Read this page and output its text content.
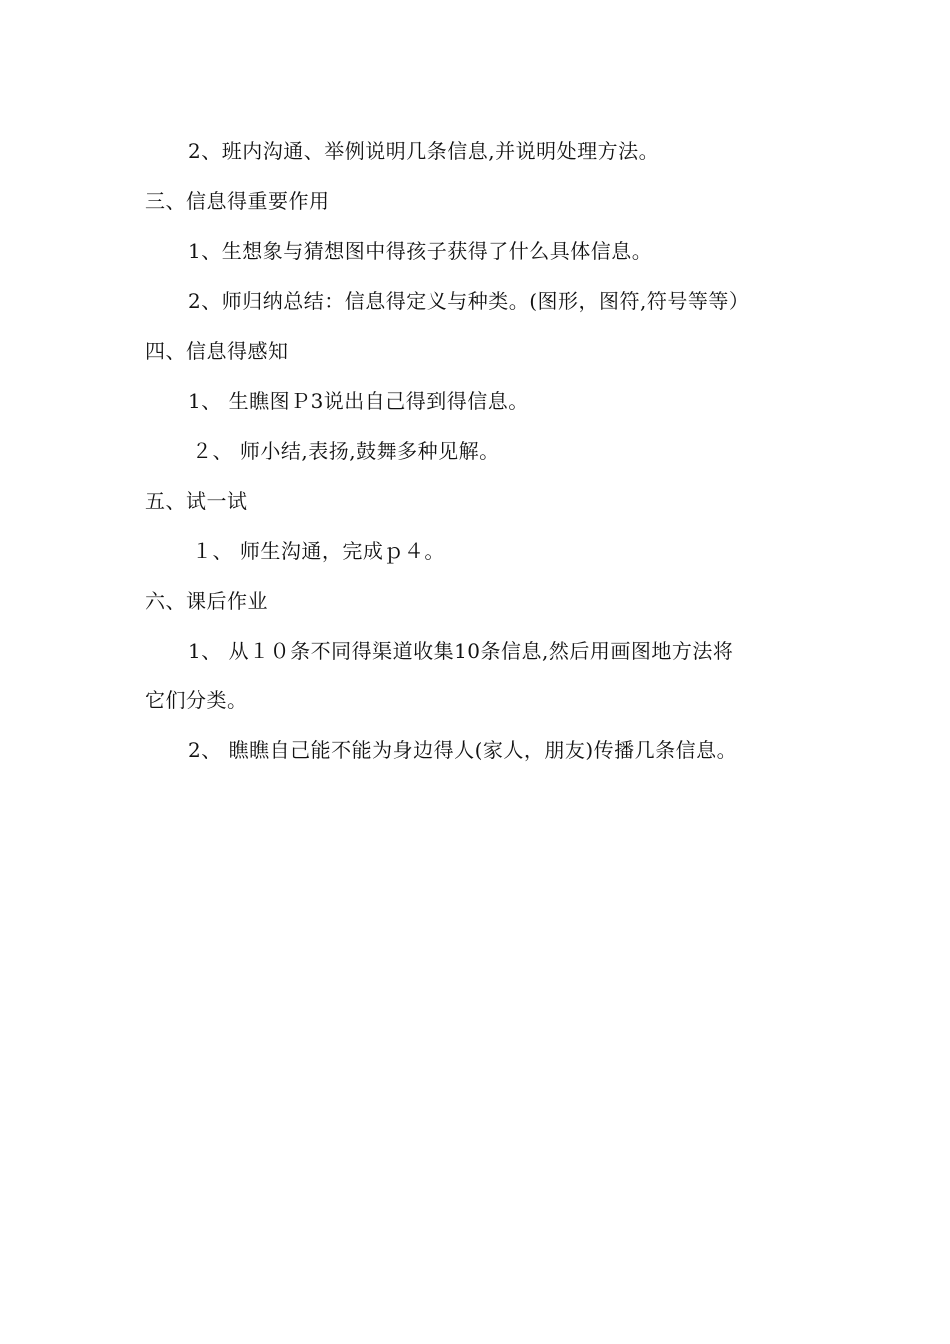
2、班内沟通、举例说明几条信息,并说明处理方法。
三、信息得重要作用
1、生想象与猜想图中得孩子获得了什么具体信息。
2、师归纳总结：信息得定义与种类。(图形，图符,符号等等）
四、信息得感知
1、 生瞧图Ｐ3说出自己得到得信息。
２、 师小结,表扬,鼓舞多种见解。
五、试一试
１、 师生沟通，完成ｐ４。
六、课后作业
1、 从１０条不同得渠道收集10条信息,然后用画图地方法将
它们分类。
2、 瞧瞧自己能不能为身边得人(家人，朋友)传播几条信息。
